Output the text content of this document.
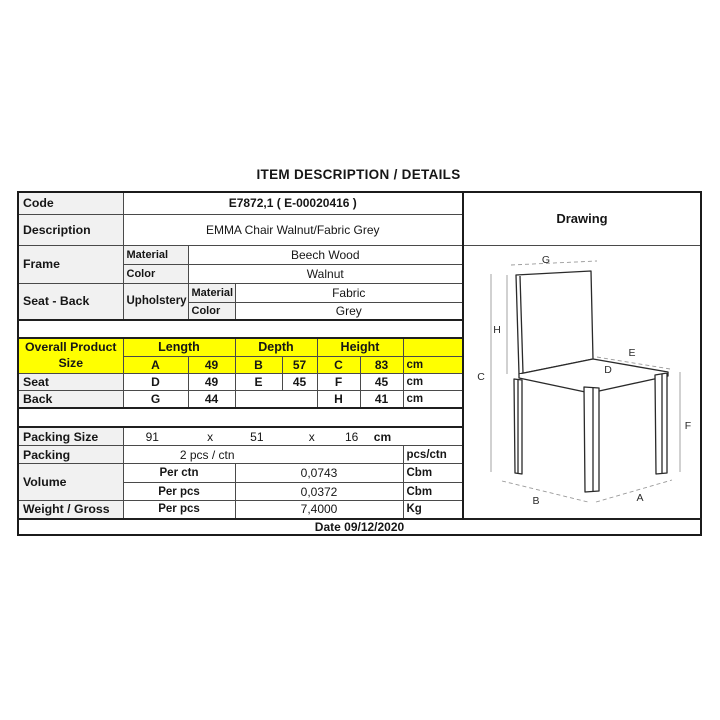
ITEM DESCRIPTION / DETAILS
Code	E7872,1 ( E-00020416 )							Drawing
Description	EMMA Chair Walnut/Fabric Grey							
Frame	Material	Beech Wood	G
H
C
E
D
F
B	A

	Color	Walnut						
Seat - Back	Upholstery	Material	Fabric					
		Color	Grey					

Overall Product Size	Length		Depth		Height			
	A	49	B	57	C	83	cm	
Seat	D	49	E	45	F	45	cm	
Back	G	44			H	41	cm	

Packing Size	91	x	51	x	16 cm

Packing	2 pcs / ctn						pcs/ctn	
Volume	Per ctn		0,0743				Cbm	
	Per pcs		0,0372				Cbm	
Weight / Gross	Per pcs		7,4000				Kg	
Date 09/12/2020								
